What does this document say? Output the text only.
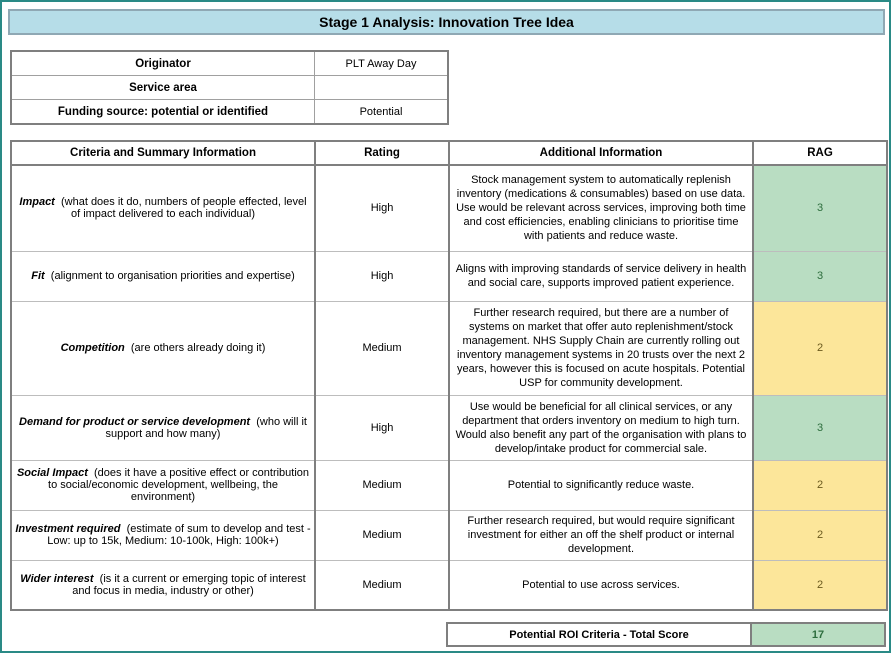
Stage 1 Analysis: Innovation Tree Idea
Originator	PLT Away Day
Service area	
Funding source: potential or identified	Potential
Criteria and Summary Information	Rating	Additional Information	RAG
Impact (what does it do, numbers of people effected, level of impact delivered to each individual)	High	Stock management system to automatically replenish inventory (medications & consumables) based on use data. Use would be relevant across services, improving both time and cost efficiencies, enabling clinicians to prioritise time with patients and reduce waste.	3
Fit (alignment to organisation priorities and expertise)	High	Aligns with improving standards of service delivery in health and social care, supports improved patient experience.	3
Competition (are others already doing it)	Medium	Further research required, but there are a number of systems on market that offer auto replenishment/stock management. NHS Supply Chain are currently rolling out inventory management systems in 20 trusts over the next 2 years, however this is focused on acute hospitals. Potential USP for community development.	2
Demand for product or service development (who will it support and how many)	High	Use would be beneficial for all clinical services, or any department that orders inventory on medium to high turn. Would also benefit any part of the organisation with plans to develop/intake product for commercial sale.	3
Social Impact (does it have a positive effect or contribution to social/economic development, wellbeing, the environment)	Medium	Potential to significantly reduce waste.	2
Investment required (estimate of sum to develop and test - Low: up to 15k, Medium: 10-100k, High: 100k+)	Medium	Further research required, but would require significant investment for either an off the shelf product or internal development.	2
Wider interest (is it a current or emerging topic of interest and focus in media, industry or other)	Medium	Potential to use across services.	2
Potential ROI Criteria - Total Score	17
